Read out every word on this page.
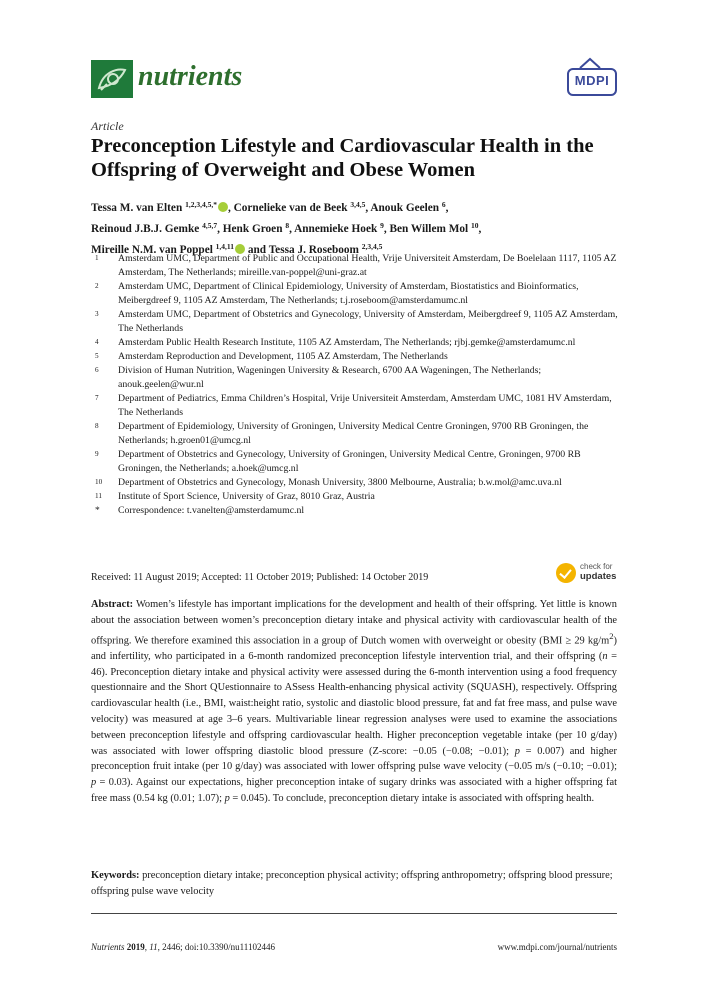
nutrients	MDPI
Article
Preconception Lifestyle and Cardiovascular Health in the Offspring of Overweight and Obese Women
Tessa M. van Elten $^{1,2,3,4,5,*}$ , Cornelieke van de Beek $^{3,4,5}$, Anouk Geelen $^6$,
Reinoud J.B.J. Gemke $^{4,5,7}$, Henk Groen $^8$, Annemieke Hoek $^9$, Ben Willem Mol $^{10}$,
Mireille N.M. van Poppel $^{1,4,11}$ and Tessa J. Roseboom $^{2,3,4,5}$
1 Amsterdam UMC, Department of Public and Occupational Health, Vrije Universiteit Amsterdam, De Boelelaan 1117, 1105 AZ Amsterdam, The Netherlands; mireille.van-poppel@uni-graz.at
2 Amsterdam UMC, Department of Clinical Epidemiology, University of Amsterdam, Biostatistics and Bioinformatics, Meibergdreef 9, 1105 AZ Amsterdam, The Netherlands; t.j.roseboom@amsterdamumc.nl
3 Amsterdam UMC, Department of Obstetrics and Gynecology, University of Amsterdam, Meibergdreef 9, 1105 AZ Amsterdam, The Netherlands
4 Amsterdam Public Health Research Institute, 1105 AZ Amsterdam, The Netherlands; rjbj.gemke@amsterdamumc.nl
5 Amsterdam Reproduction and Development, 1105 AZ Amsterdam, The Netherlands
6 Division of Human Nutrition, Wageningen University & Research, 6700 AA Wageningen, The Netherlands; anouk.geelen@wur.nl
7 Department of Pediatrics, Emma Children’s Hospital, Vrije Universiteit Amsterdam, Amsterdam UMC, 1081 HV Amsterdam, The Netherlands
8 Department of Epidemiology, University of Groningen, University Medical Centre Groningen, 9700 RB Groningen, the Netherlands; h.groen01@umcg.nl
9 Department of Obstetrics and Gynecology, University of Groningen, University Medical Centre, Groningen, 9700 RB Groningen, the Netherlands; a.hoek@umcg.nl
10 Department of Obstetrics and Gynecology, Monash University, 3800 Melbourne, Australia; b.w.mol@amc.uva.nl
11 Institute of Sport Science, University of Graz, 8010 Graz, Austria
* Correspondence: t.vanelten@amsterdamumc.nl
Received: 11 August 2019; Accepted: 11 October 2019; Published: 14 October 2019
check for
updates
Abstract: Women’s lifestyle has important implications for the development and health of their offspring. Yet little is known about the association between women’s preconception dietary intake and physical activity with cardiovascular health of the offspring. We therefore examined this association in a group of Dutch women with overweight or obesity (BMI ≥ 29 $kg/m^2$) and infertility, who participated in a 6-month randomized preconception lifestyle intervention trial, and their offspring (n = 46). Preconception dietary intake and physical activity were assessed during the 6-month intervention using a food frequency questionnaire and the Short QUestionnaire to ASsess Health-enhancing physical activity (SQUASH), respectively. Offspring cardiovascular health (i.e., BMI, waist:height ratio, systolic and diastolic blood pressure, fat and fat free mass, and pulse wave velocity) was measured at age 3–6 years. Multivariable linear regression analyses were used to examine the associations between preconception lifestyle and offspring cardiovascular health. Higher preconception vegetable intake (per 10 g/day) was associated with lower offspring diastolic blood pressure (Z-score: −0.05 (−0.08; −0.01); p = 0.007) and higher preconception fruit intake (per 10 g/day) was associated with lower offspring pulse wave velocity (−0.05 m/s (−0.10; −0.01); p = 0.03). Against our expectations, higher preconception intake of sugary drinks was associated with a higher offspring fat free mass (0.54 kg (0.01; 1.07); p = 0.045). To conclude, preconception dietary intake is associated with offspring health.
Keywords: preconception dietary intake; preconception physical activity; offspring anthropometry; offspring blood pressure; offspring pulse wave velocity
Nutrients 2019, 11, 2446; doi:10.3390/nu11102446	www.mdpi.com/journal/nutrients
